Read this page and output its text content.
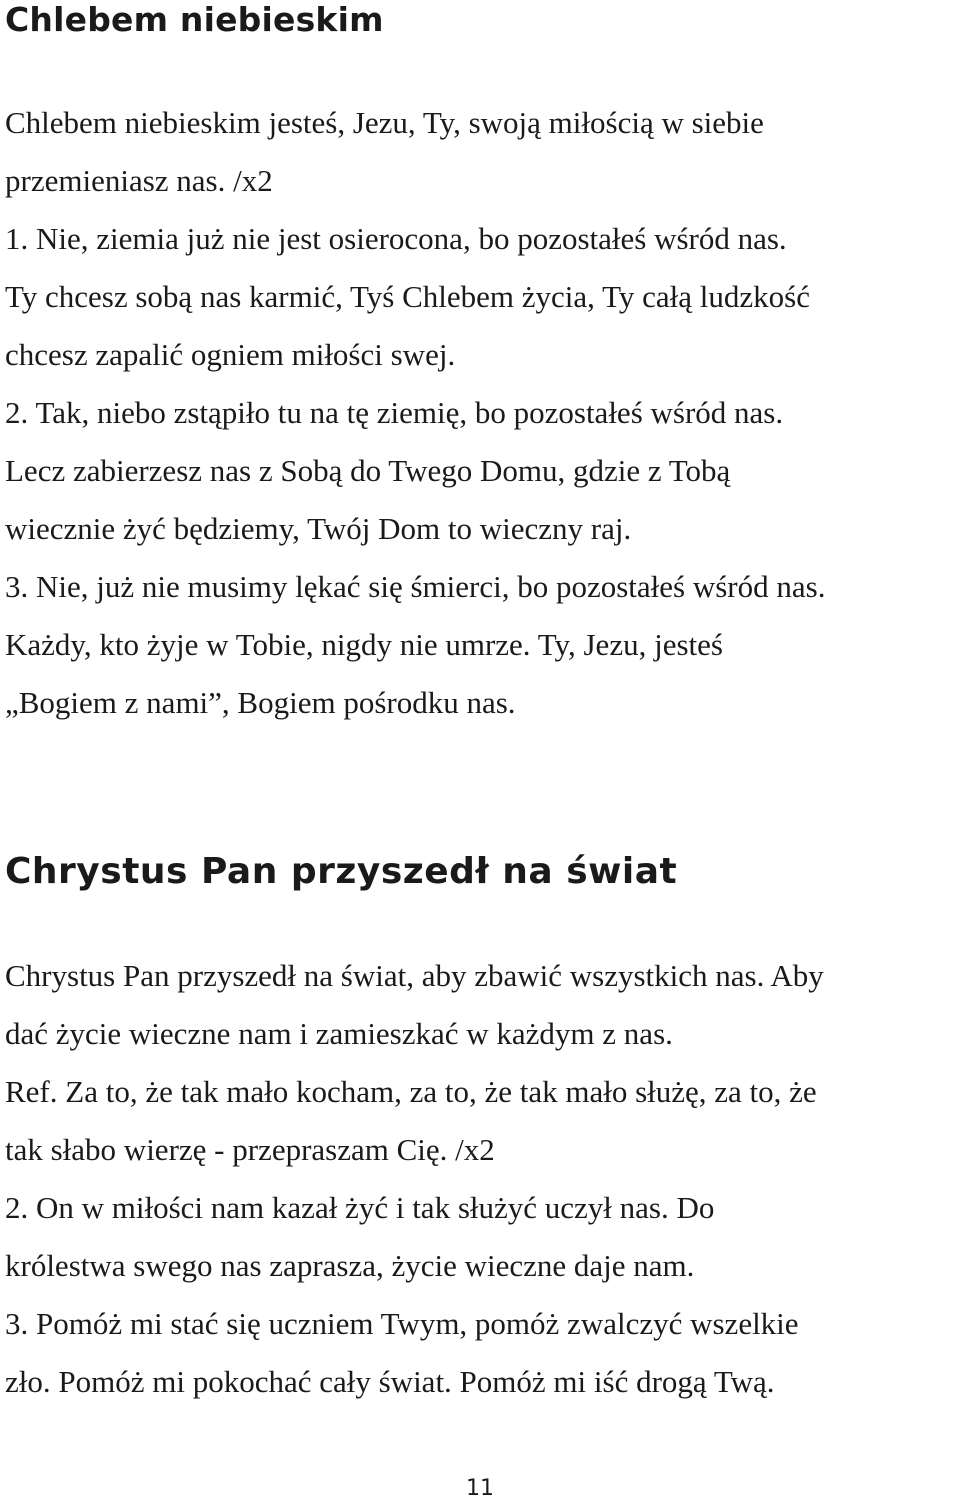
Chlebem niebieskim

Chlebem niebieskim jesteś, Jezu, Ty, swoją miłością w siebie

przemieniasz nas. /x2

1. Nie, ziemia już nie jest osierocona, bo pozostałeś wśród nas.

Ty chcesz sobą nas karmić, Tyś Chlebem życia, Ty całą ludzkość

chcesz zapalić ogniem miłości swej.

2. Tak, niebo zstąpiło tu na tę ziemię, bo pozostałeś wśród nas.

Lecz zabierzesz nas z Sobą do Twego Domu, gdzie z Tobą

wiecznie żyć będziemy, Twój Dom to wieczny raj.

3. Nie, już nie musimy lękać się śmierci, bo pozostałeś wśród nas.

Każdy, kto żyje w Tobie, nigdy nie umrze. Ty, Jezu, jesteś

„Bogiem z nami”, Bogiem pośrodku nas.

Chrystus Pan przyszedł na świat

Chrystus Pan przyszedł na świat, aby zbawić wszystkich nas. Aby

dać życie wieczne nam i zamieszkać w każdym z nas.

Ref. Za to, że tak mało kocham, za to, że tak mało służę, za to, że

tak słabo wierzę - przepraszam Cię. /x2

2. On w miłości nam kazał żyć i tak służyć uczył nas. Do

królestwa swego nas zaprasza, życie wieczne daje nam.

3. Pomóż mi stać się uczniem Twym, pomóż zwalczyć wszelkie

zło. Pomóż mi pokochać cały świat. Pomóż mi iść drogą Twą.

11
